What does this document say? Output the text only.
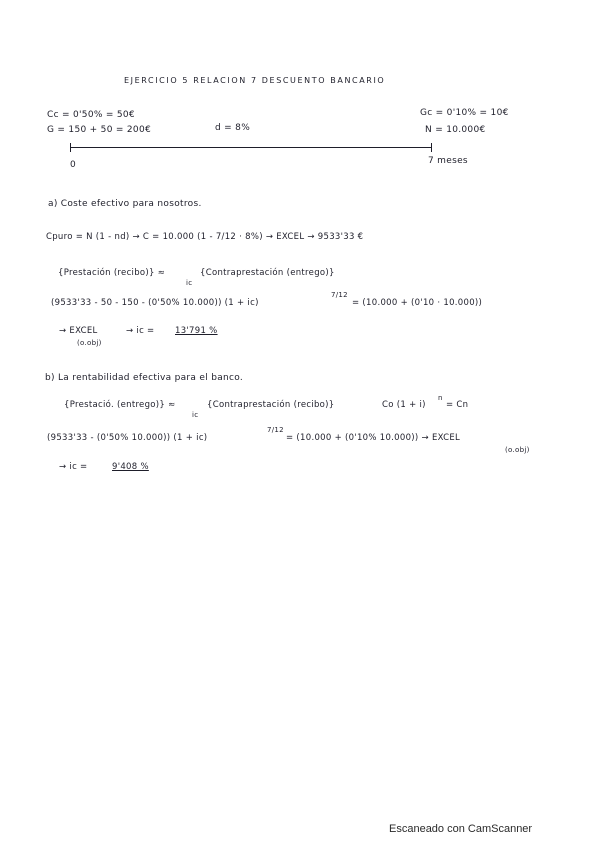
EJERCICIO 5 RELACION 7 DESCUENTO BANCARIO
Cc = 0'50% = 50€
G = 150 + 50 = 200€	d = 8%
Gc = 0'10% = 10€
N = 10.000€
0	7 meses
a) Coste efectivo para nosotros.
Cpuro = N (1 - nd) → C = 10.000 (1 - 7/12 · 8%) → EXCEL → 9533'33 €
{Prestación (recibo)} ≈
ic
{Contraprestación (entrego)}
(9533'33 - 50 - 150 - (0'50% 10.000)) (1 + ic)
7/12
= (10.000 + (0'10 · 10.000))
→ EXCEL
(o.obj)
→ ic = 13'791 %
b) La rentabilidad efectiva para el banco.
{Prestació. (entrego)} ≈
ic
{Contraprestación (recibo)}	Co (1 + i)
n
= Cn
(9533'33 - (0'50% 10.000)) (1 + ic)
7/12
= (10.000 + (0'10% 10.000)) → EXCEL
(o.obj)
→ ic =	9'408 %
Escaneado con CamScanner
